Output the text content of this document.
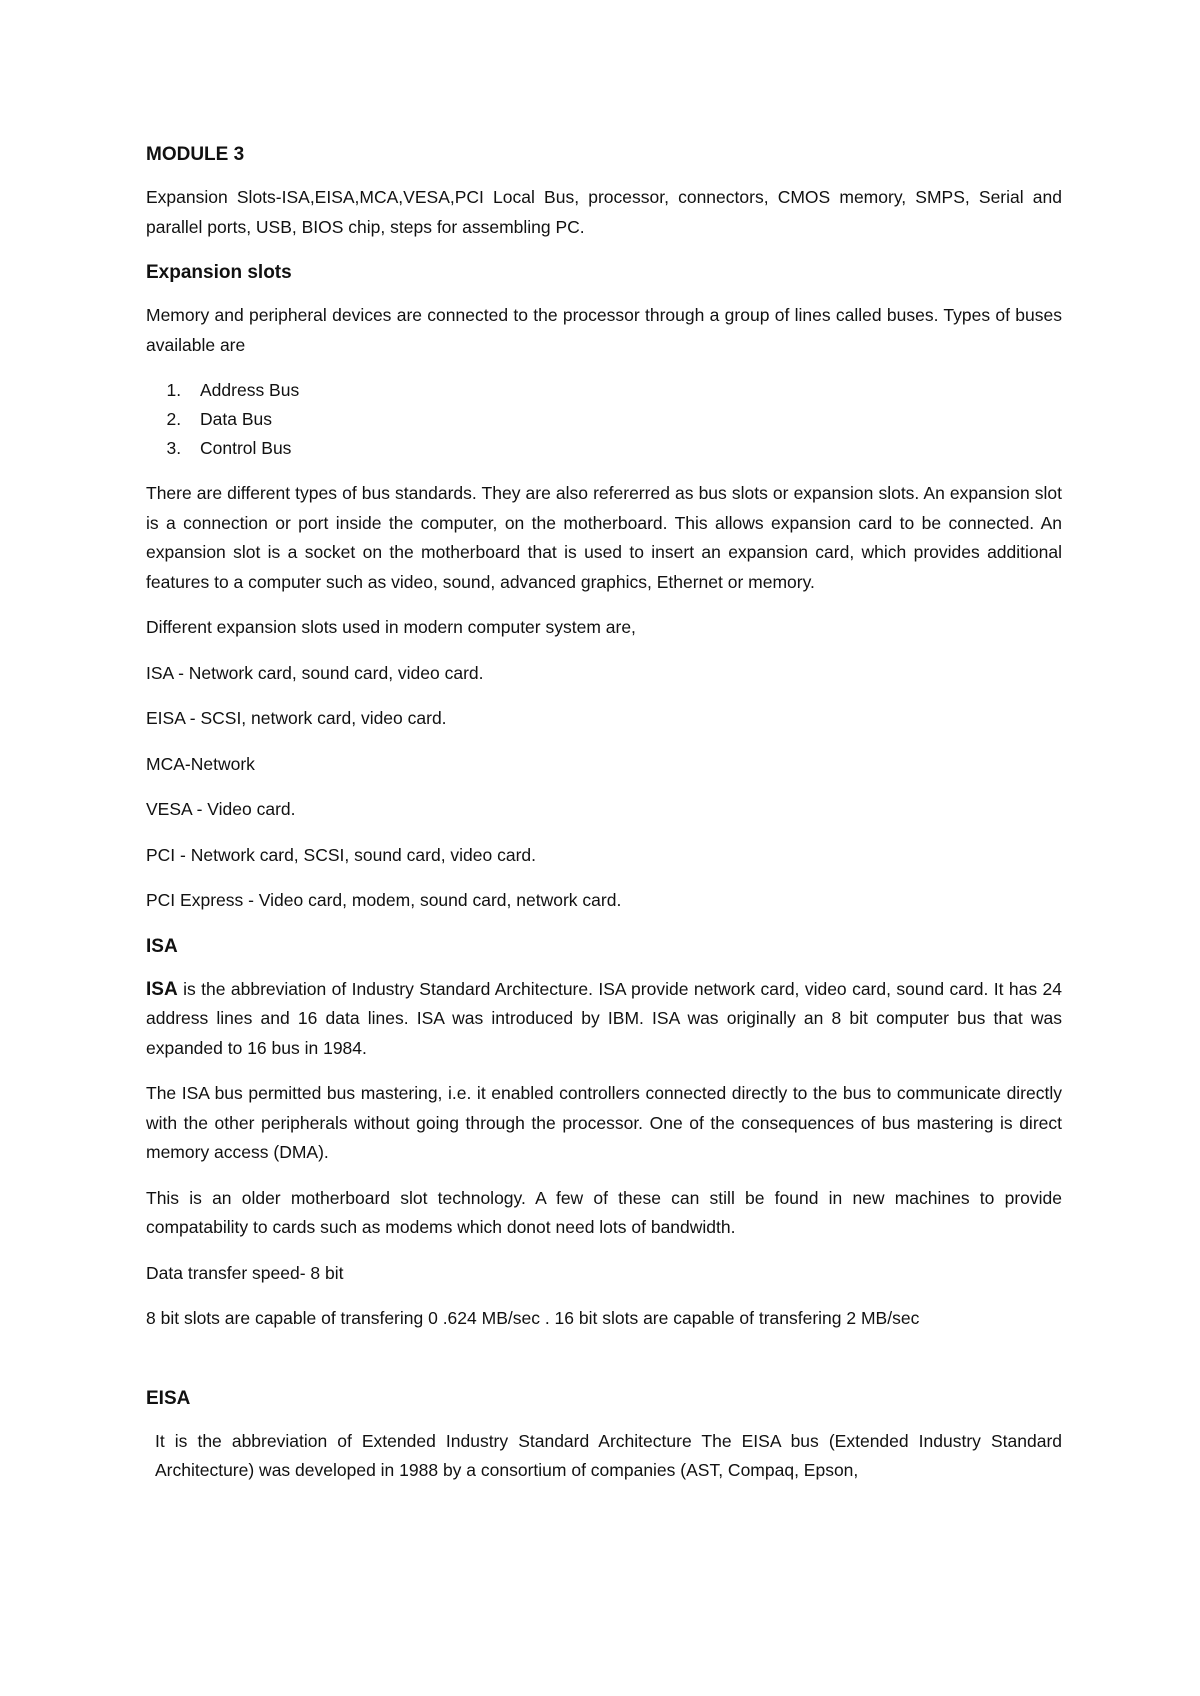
MODULE 3

Expansion Slots-ISA,EISA,MCA,VESA,PCI Local Bus, processor, connectors, CMOS memory, SMPS, Serial and parallel ports, USB, BIOS chip, steps for assembling PC.

Expansion slots

Memory and peripheral devices are connected to the processor through a group of lines called buses. Types of buses available are

1. Address Bus
2. Data Bus
3. Control Bus

There are different types of bus standards. They are also refererred as bus slots or expansion slots. An expansion slot is a connection or port inside the computer, on the motherboard. This allows expansion card to be connected. An expansion slot is a socket on the motherboard that is used to insert an expansion card, which provides additional features to a computer such as video, sound, advanced graphics, Ethernet or memory.

Different expansion slots used in modern computer system are,

ISA - Network card, sound card, video card.

EISA - SCSI, network card, video card.

MCA-Network

VESA - Video card.

PCI - Network card, SCSI, sound card, video card.

PCI Express - Video card, modem, sound card, network card.

ISA

ISA is the abbreviation of Industry Standard Architecture. ISA provide network card, video card, sound card. It has 24 address lines and 16 data lines. ISA was introduced by IBM. ISA was originally an 8 bit computer bus that was expanded to 16 bus in 1984.

The ISA bus permitted bus mastering, i.e. it enabled controllers connected directly to the bus to communicate directly with the other peripherals without going through the processor. One of the consequences of bus mastering is direct memory access (DMA).

This is an older motherboard slot technology. A few of these can still be found in new machines to provide compatability to cards such as modems which donot need lots of bandwidth.

Data transfer speed- 8 bit

8 bit slots are capable of transfering 0 .624 MB/sec . 16 bit slots are capable of transfering 2 MB/sec

EISA

It is the abbreviation of Extended Industry Standard Architecture The EISA bus (Extended Industry Standard Architecture) was developed in 1988 by a consortium of companies (AST, Compaq, Epson,
